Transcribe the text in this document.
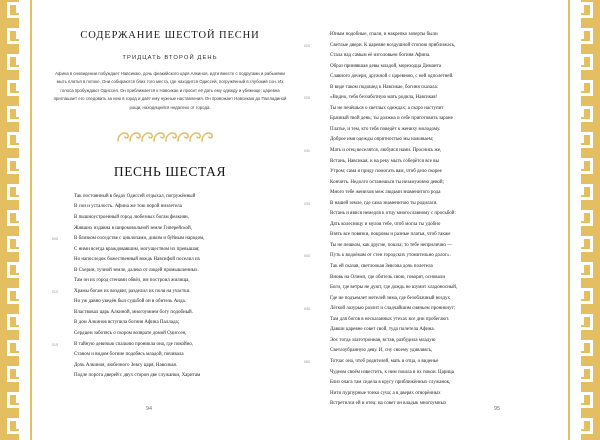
СОДЕРЖАНИЕ ШЕСТОЙ ПЕСНИ
ТРИДЦАТЬ ВТОРОЙ ДЕНЬ

Афина в сновидении побуждает Навсикаю, дочь феакийского царя Алкиноя, идти вместе с подругами и рабынями мыть платья в потоке. Они собираются близ того места, где находится Одиссей, погружённый в глубокий сон. Их голоса пробуждают Одиссея. Он приближается к Навсикае и просит её дать ему одежду и убежище; царевна приглашает его следовать за нею в город и даёт ему нужные наставления. Он провожает Навсикаю до Палладиной рощи, находящейся недалеко от города.

ПЕСНЬ ШЕСТАЯ
Так постоянный в бедах Одиссей отдыхал, погружённый
В сон и усталость. Афина же тою порой низлетела
В пышноустроенный город любезных богам феакиян,
Живших издавна в широковольной земле Гиперейской,
005	В близком соседстве с циклопами, диким и буйным народом,
С ними всегда враждовавшим, могуществом их превышая;
Но напоследок божественный вождь Навсифой поселил их
В Схерии, тучной земле, далеко от людей промышленных.
Там он их город стенами обвёл, им построил жилища,
010	Храмы богам их воздвиг, разделил их поля на участки.
Но уж давно уведён был судьбой он в обитель Аида.
Властвовал царь Алкиной, многоумием богу подобный.
В дом Алкинов вступила богиня Афина Паллада;
Сердцем заботясь о скором возврате домой Одиссея,
015	В тайную девичью спальню проникла она, где покойно,
Станом и видом богине подобясь младой, почивала
Дочь Алкиноя, любезного Зевсу царя, Навсикая.
Подле порога дверей с двух сторон две служанки, Харитам
94
Юным подобные, спали, и накрепко заперты были
020	Светлые двери. К царевне воздушной стопою приближась,
Стала над самым её изголовьем богиня Афина.
Образ принявшая девы младой, мореходца Диманта
Славного дочери, дружной с царевною, с ней одполетней.
В виде таком подошед к Навсикае, богиня сказала:
025	«Видно, тебя беззаботную мать родила, Навсикая!
Ты не печёшься о светлых одеждах; а скоро наступит
Брачный твой день; ты должна и себе приготовить заране
Платье, и тем, кто тебя поведёт к жениху молодому.
Доброе имя одежды опрятностью мы наживаем;
030	Мать и отец веселятся, любуяся нами. Проснись же,
Встань, Навсикая, и на реку мыть соберётся все вы
Утром; сама я приду помогать вам, чтоб дело скорее
Кончить. Недолго останешься ты незамужнею девой;
Много тебе женихов меж людьми знаменитого рода
035	В нашей земле, где сама знаменитою ты родилася.
Встань и явися немедля к отцу многославному с просьбой:
Дать колесницу и мулов тебе, чтоб могла ты удобно
Взять все повязки, покровы и разные платья, чтоб также
Ты не пешком, как другие, пошла; то тебе неприлично —
040	Путь к водоёмам от стен городских утомительно долог».
Так ей сказав, светлоокая Зевсова дочь полетела
Вновь на Олимп, где обитель свою, говорят, основали
Боги, где ветры не дуют, где дождь не шумит хладоносный,
Где не подъемлет метелей зима, где безоблачный воздух
045	Лёгкой лазурью разлит и сладчайшим сияньем проникнут;
Там для богов в несказанных утехах все дни пробегают.
Давши царевне совет свой, туда полетела Афина.
Эос тогда златотронная, встав, разбудила младую
Светлоубранную деву. И, сну своему удивляясь,
050	Тотчас она, чтоб родителей, мать и отца, о виденье
Чудном своём известить, к ним пошла в их покои. Царица
Близ очага там сидела в кругу приближённых служанок,
Нити пурпурные тонко суча; а в дверях отворённых
Встретился ей и отец: на совет он владык многоумных
95
